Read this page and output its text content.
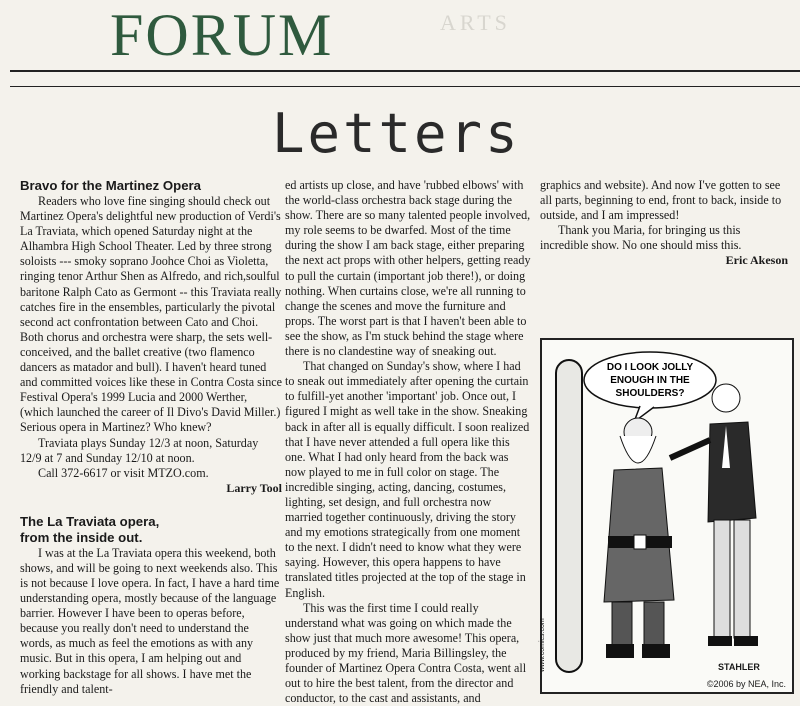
ARTS
FORUM
Letters
Bravo for the Martinez Opera

Readers who love fine singing should check out Martinez Opera's delightful new production of Verdi's La Traviata, which opened Saturday night at the Alhambra High School Theater. Led by three strong soloists --- smoky soprano Joohce Choi as Violetta, ringing tenor Arthur Shen as Alfredo, and rich,soulful baritone Ralph Cato as Germont -- this Traviata really catches fire in the ensembles, particularly the pivotal second act confrontation between Cato and Choi. Both chorus and orchestra were sharp, the sets well-conceived, and the ballet creative (two flamenco dancers as matador and bull). I haven't heard tuned and committed voices like these in Contra Costa since Festival Opera's 1999 Lucia and 2000 Werther, (which launched the career of Il Divo's David Miller.) Serious opera in Martinez? Who knew?

Traviata plays Sunday 12/3 at noon, Saturday 12/9 at 7 and Sunday 12/10 at noon.

Call 372-6617 or visit MTZO.com.

Larry Tool
The La Traviata opera,
from the inside out.

I was at the La Traviata opera this weekend, both shows, and will be going to next weekends also. This is not because I love opera. In fact, I have a hard time understanding opera, mostly because of the language barrier. However I have been to operas before, because you really don't need to understand the words, as much as feel the emotions as with any music. But in this opera, I am helping out and working backstage for all shows. I have met the friendly and talent-

ed artists up close, and have 'rubbed elbows' with the world-class orchestra back stage during the show. There are so many talented people involved, my role seems to be dwarfed. Most of the time during the show I am back stage, either preparing the next act props with other helpers, getting ready to pull the curtain (important job there!), or doing nothing. When curtains close, we're all running to change the scenes and move the furniture and props. The worst part is that I haven't been able to see the show, as I'm stuck behind the stage where there is no clandestine way of sneaking out.

That changed on Sunday's show, where I had to sneak out immediately after opening the curtain to fulfill-yet another 'important' job. Once out, I figured I might as well take in the show. Sneaking back in after all is equally difficult. I soon realized that I have never attended a full opera like this one. What I had only heard from the back was now played to me in full color on stage. The incredible singing, acting, dancing, costumes, lighting, set design, and full orchestra now married together continuously, driving the story and my emotions strategically from one moment to the next. I didn't need to know what they were saying. However, this opera happens to have translated titles projected at the top of the stage in English.

This was the first time I could really understand what was going on which made the show just that much more awesome! This opera, produced by my friend, Maria Billingsley, the founder of Martinez Opera Contra Costa, went all out to hire the best talent, from the director and conductor, to the cast and assistants, and

graphics and website). And now I've gotten to see all parts, beginning to end, front to back, inside to outside, and I am impressed!

Thank you Maria, for bringing us this incredible show. No one should miss this.

Eric Akeson
DO I LOOK JOLLY
ENOUGH IN THE
SHOULDERS?
STAHLER
©2006 by NEA, Inc.
www.comics.com
